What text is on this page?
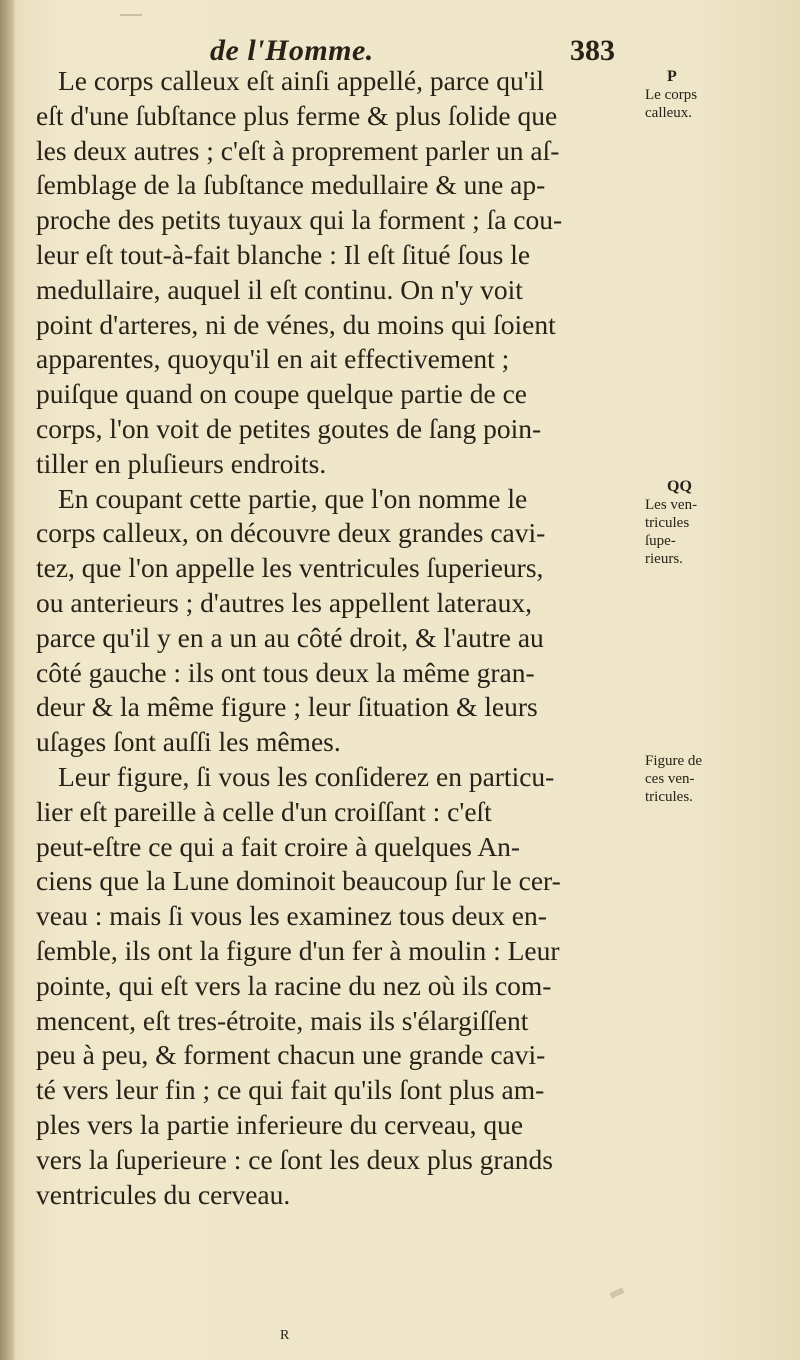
de l'Homme.	383
Le corps calleux eſt ainſi appellé, parce qu'il
eſt d'une ſubſtance plus ferme & plus ſolide que
les deux autres ; c'eſt à proprement parler un aſ-
ſemblage de la ſubſtance medullaire & une ap-
proche des petits tuyaux qui la forment ; ſa cou-
leur eſt tout-à-fait blanche : Il eſt ſitué ſous le
medullaire, auquel il eſt continu. On n'y voit
point d'arteres, ni de vénes, du moins qui ſoient
apparentes, quoyqu'il en ait effectivement ;
puiſque quand on coupe quelque partie de ce
corps, l'on voit de petites goutes de ſang poin-
tiller en pluſieurs endroits.
En coupant cette partie, que l'on nomme le
corps calleux, on découvre deux grandes cavi-
tez, que l'on appelle les ventricules ſuperieurs,
ou anterieurs ; d'autres les appellent lateraux,
parce qu'il y en a un au côté droit, & l'autre au
côté gauche : ils ont tous deux la même gran-
deur & la même figure ; leur ſituation & leurs
uſages ſont auſſi les mêmes.
Leur figure, ſi vous les conſiderez en particu-
lier eſt pareille à celle d'un croiſſant : c'eſt
peut-eſtre ce qui a fait croire à quelques An-
ciens que la Lune dominoit beaucoup ſur le cer-
veau : mais ſi vous les examinez tous deux en-
ſemble, ils ont la figure d'un fer à moulin : Leur
pointe, qui eſt vers la racine du nez où ils com-
mencent, eſt tres-étroite, mais ils s'élargiſſent
peu à peu, & forment chacun une grande cavi-
té vers leur fin ; ce qui fait qu'ils ſont plus am-
ples vers la partie inferieure du cerveau, que
vers la ſuperieure : ce ſont les deux plus grands
ventricules du cerveau.
P
Le corps
calleux.
QQ
Les ven-
tricules
ſupe-
rieurs.
Figure de
ces ven-
tricules.
R
